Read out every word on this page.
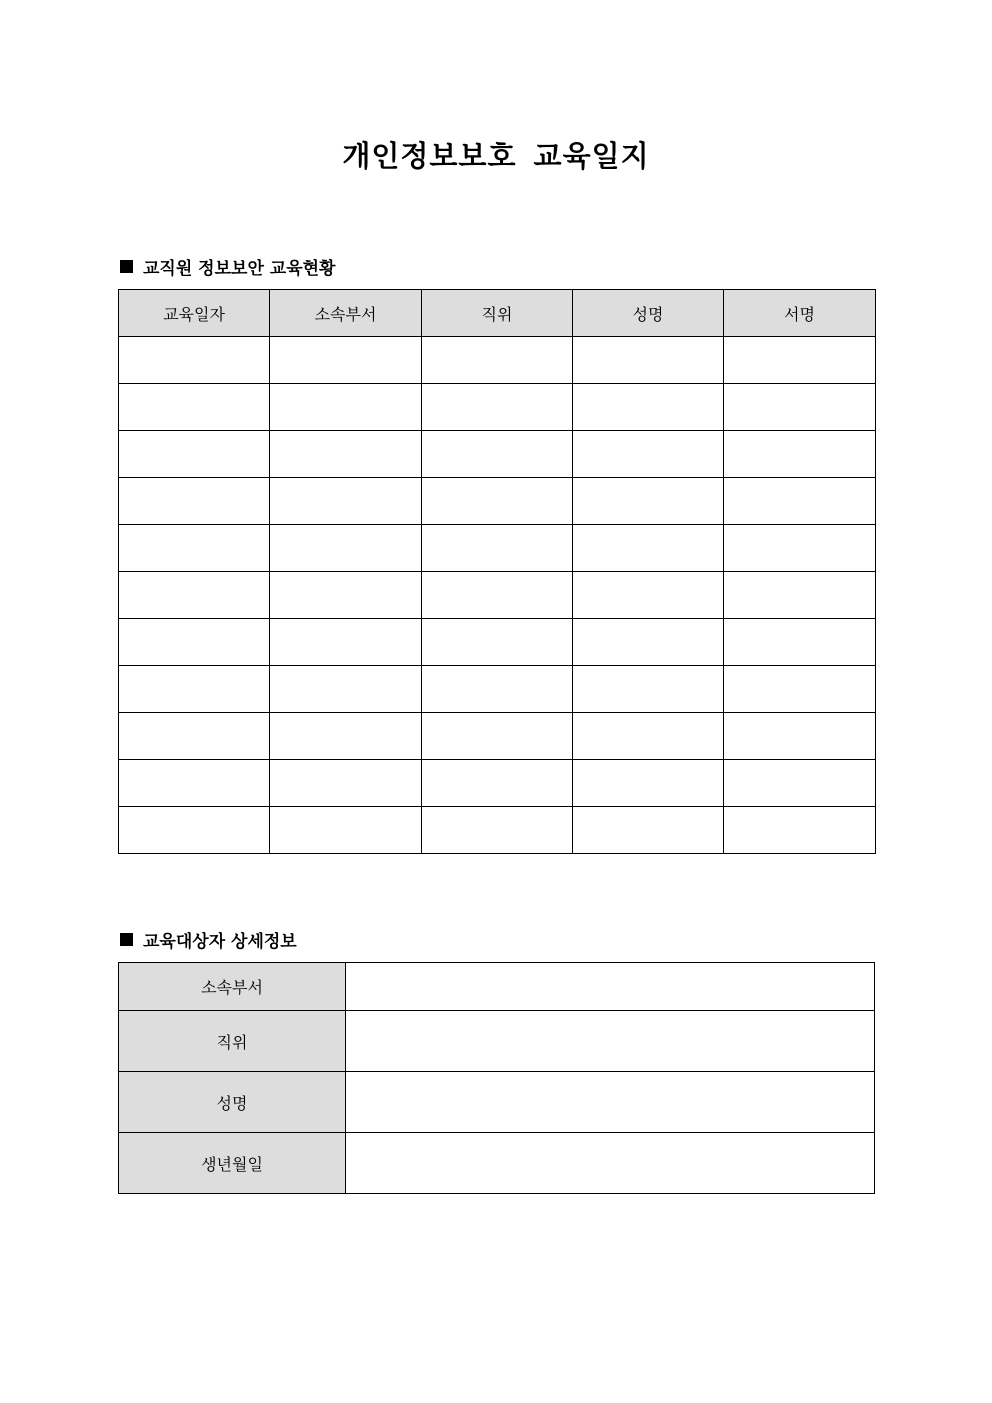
개인정보보호 교육일지
교직원 정보보안 교육현황
교육일자	소속부서	직위	성명	서명

교육대상자 상세정보
소속부서	
직위	
성명	
생년월일	
